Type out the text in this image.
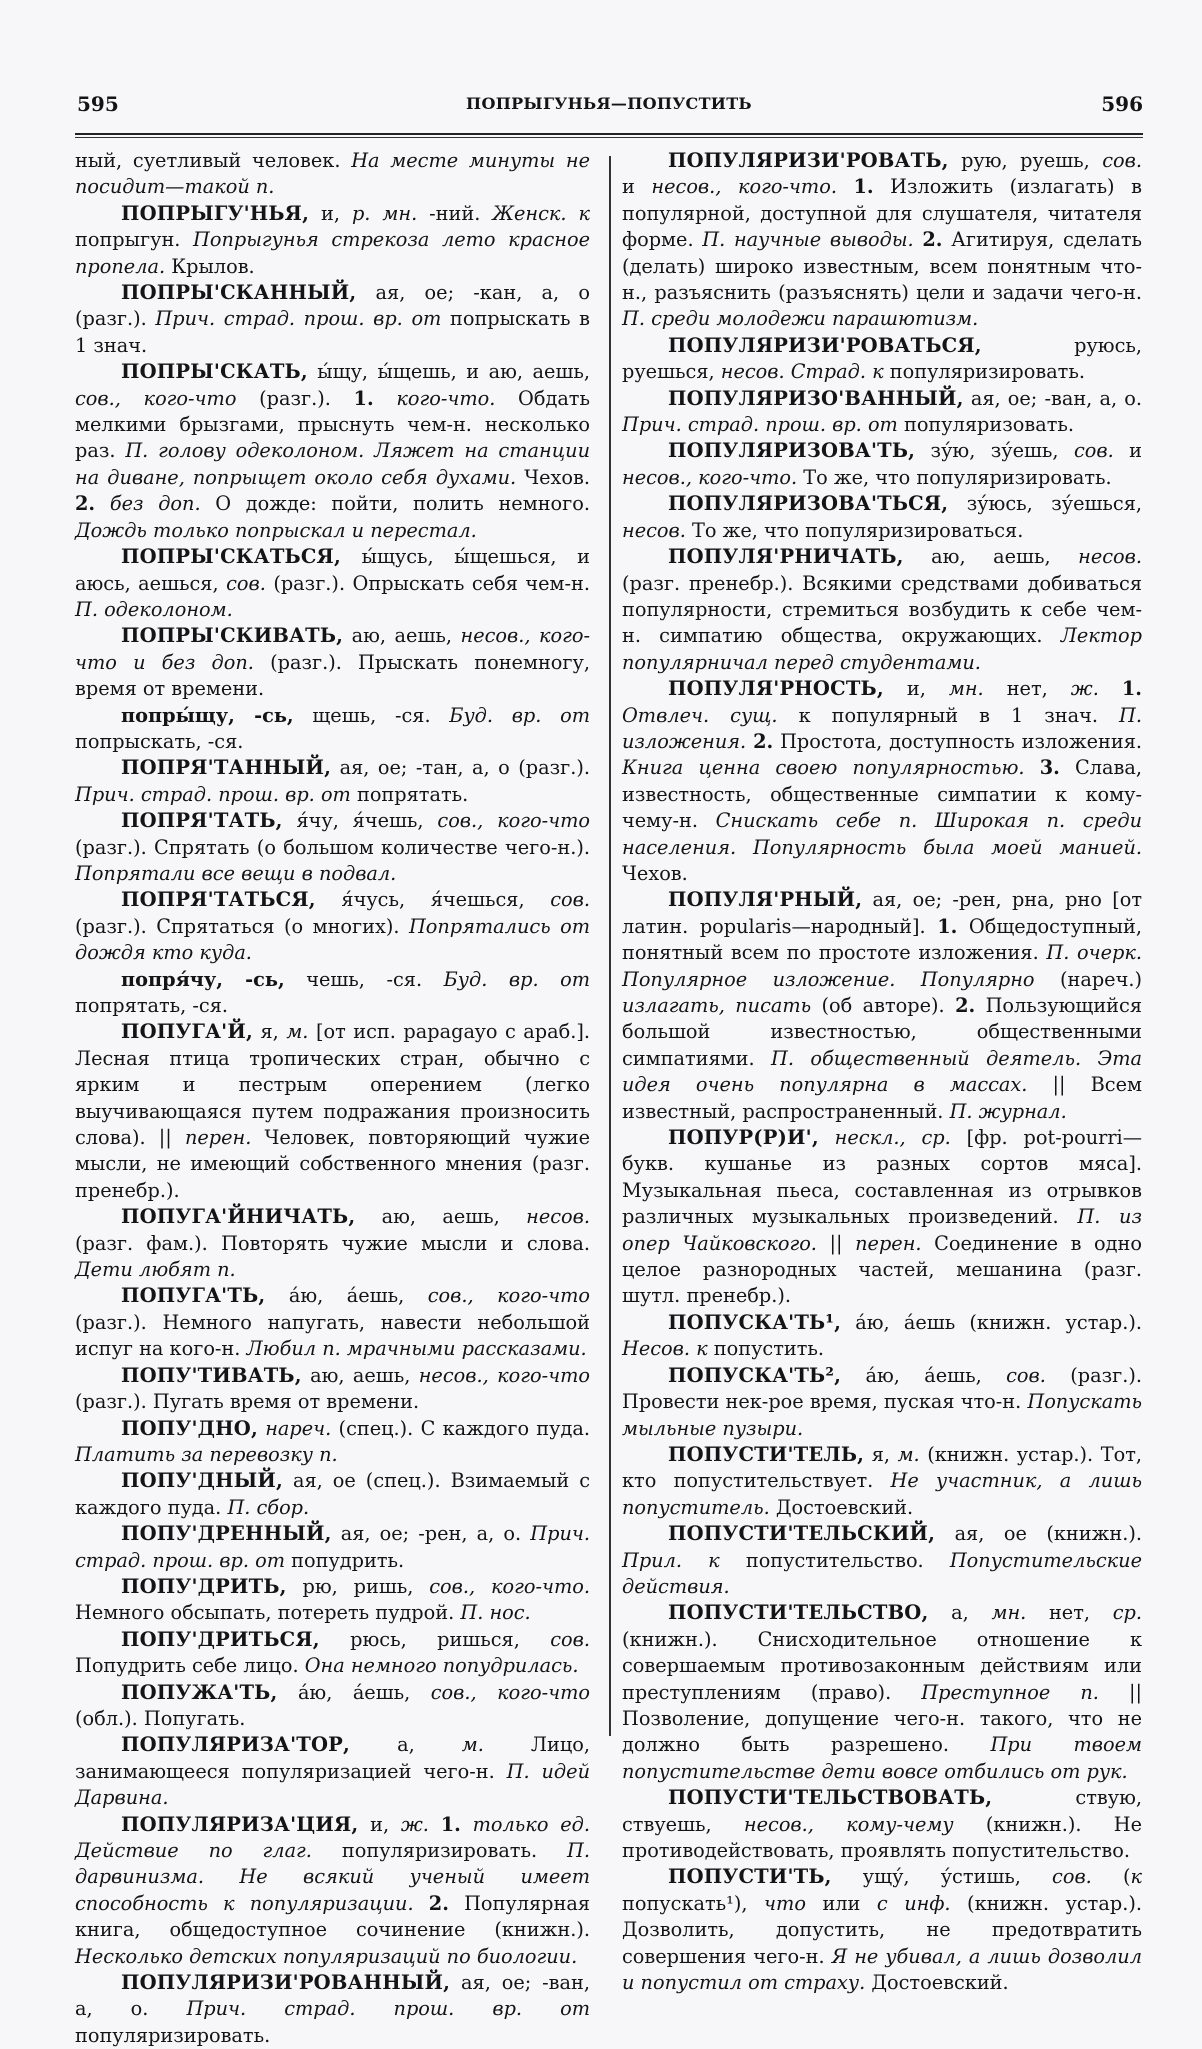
595	ПОПРЫГУНЬЯ—ПОПУСТИТЬ	596

ный, суетливый человек. На месте минуты не посидит—такой п.

ПОПРЫГУ'НЬЯ, и, р. мн. -ний. Женск. к попрыгун. Попрыгунья стрекоза лето красное пропела. Крылов.

ПОПРЫ'СКАННЫЙ, ая, ое; -кан, а, о (разг.). Прич. страд. прош. вр. от попрыскать в 1 знач.

ПОПРЫ'СКАТЬ, ы́щу, ы́щешь, и аю, аешь, сов., кого-что (разг.). 1. кого-что. Обдать мелкими брызгами, прыснуть чем-н. несколько раз. П. голову одеколоном. Ляжет на станции на диване, попрыщет около себя духами. Чехов. 2. без доп. О дожде: пойти, полить немного. Дождь только попрыскал и перестал.

ПОПРЫ'СКАТЬСЯ, ы́щусь, ы́щешься, и аюсь, аешься, сов. (разг.). Опрыскать себя чем-н. П. одеколоном.

ПОПРЫ'СКИВАТЬ, аю, аешь, несов., кого-что и без доп. (разг.). Прыскать понемногу, время от времени.

попры́щу, -сь, щешь, -ся. Буд. вр. от попрыскать, -ся.

ПОПРЯ'ТАННЫЙ, ая, ое; -тан, а, о (разг.). Прич. страд. прош. вр. от попрятать.

ПОПРЯ'ТАТЬ, я́чу, я́чешь, сов., кого-что (разг.). Спрятать (о большом количестве чего-н.). Попрятали все вещи в подвал.

ПОПРЯ'ТАТЬСЯ, я́чусь, я́чешься, сов. (разг.). Спрятаться (о многих). Попрятались от дождя кто куда.

попря́чу, -сь, чешь, -ся. Буд. вр. от попрятать, -ся.

ПОПУГА'Й, я, м. [от исп. papagayo с араб.]. Лесная птица тропических стран, обычно с ярким и пестрым оперением (легко выучивающаяся путем подражания произносить слова). || перен. Человек, повторяющий чужие мысли, не имеющий собственного мнения (разг. пренебр.).

ПОПУГА'ЙНИЧАТЬ, аю, аешь, несов. (разг. фам.). Повторять чужие мысли и слова. Дети любят п.

ПОПУГА'ТЬ, а́ю, а́ешь, сов., кого-что (разг.). Немного напугать, навести небольшой испуг на кого-н. Любил п. мрачными рассказами.

ПОПУ'ТИВАТЬ, аю, аешь, несов., кого-что (разг.). Пугать время от времени.

ПОПУ'ДНО, нареч. (спец.). С каждого пуда. Платить за перевозку п.

ПОПУ'ДНЫЙ, ая, ое (спец.). Взимаемый с каждого пуда. П. сбор.

ПОПУ'ДРЕННЫЙ, ая, ое; -рен, а, о. Прич. страд. прош. вр. от попудрить.

ПОПУ'ДРИТЬ, рю, ришь, сов., кого-что. Немного обсыпать, потереть пудрой. П. нос.

ПОПУ'ДРИТЬСЯ, рюсь, ришься, сов. Попудрить себе лицо. Она немного попудрилась.

ПОПУЖА'ТЬ, а́ю, а́ешь, сов., кого-что (обл.). Попугать.

ПОПУЛЯРИЗА'ТОР, а, м. Лицо, занимающееся популяризацией чего-н. П. идей Дарвина.

ПОПУЛЯРИЗА'ЦИЯ, и, ж. 1. только ед. Действие по глаг. популяризировать. П. дарвинизма. Не всякий ученый имеет способность к популяризации. 2. Популярная книга, общедоступное сочинение (книжн.). Несколько детских популяризаций по биологии.

ПОПУЛЯРИЗИ'РОВАННЫЙ, ая, ое; -ван, а, о. Прич. страд. прош. вр. от популяризировать.

ПОПУЛЯРИЗИ'РОВАТЬ, рую, руешь, сов. и несов., кого-что. 1. Изложить (излагать) в популярной, доступной для слушателя, читателя форме. П. научные выводы. 2. Агитируя, сделать (делать) широко известным, всем понятным что-н., разъяснить (разъяснять) цели и задачи чего-н. П. среди молодежи парашютизм.

ПОПУЛЯРИЗИ'РОВАТЬСЯ, руюсь, руешься, несов. Страд. к популяризировать.

ПОПУЛЯРИЗО'ВАННЫЙ, ая, ое; -ван, а, о. Прич. страд. прош. вр. от популяризовать.

ПОПУЛЯРИЗОВА'ТЬ, зу́ю, зу́ешь, сов. и несов., кого-что. То же, что популяризировать.

ПОПУЛЯРИЗОВА'ТЬСЯ, зу́юсь, зу́ешься, несов. То же, что популяризироваться.

ПОПУЛЯ'РНИЧАТЬ, аю, аешь, несов. (разг. пренебр.). Всякими средствами добиваться популярности, стремиться возбудить к себе чем-н. симпатию общества, окружающих. Лектор популярничал перед студентами.

ПОПУЛЯ'РНОСТЬ, и, мн. нет, ж. 1. Отвлеч. сущ. к популярный в 1 знач. П. изложения. 2. Простота, доступность изложения. Книга ценна своею популярностью. 3. Слава, известность, общественные симпатии к кому-чему-н. Снискать себе п. Широкая п. среди населения. Популярность была моей манией. Чехов.

ПОПУЛЯ'РНЫЙ, ая, ое; -рен, рна, рно [от латин. popularis—народный]. 1. Общедоступный, понятный всем по простоте изложения. П. очерк. Популярное изложение. Популярно (нареч.) излагать, писать (об авторе). 2. Пользующийся большой известностью, общественными симпатиями. П. общественный деятель. Эта идея очень популярна в массах. || Всем известный, распространенный. П. журнал.

ПОПУР(Р)И', нескл., ср. [фр. pot-pourri—букв. кушанье из разных сортов мяса]. Музыкальная пьеса, составленная из отрывков различных музыкальных произведений. П. из опер Чайковского. || перен. Соединение в одно целое разнородных частей, мешанина (разг. шутл. пренебр.).

ПОПУСКА'ТЬ¹, а́ю, а́ешь (книжн. устар.). Несов. к попустить.

ПОПУСКА'ТЬ², а́ю, а́ешь, сов. (разг.). Провести нек-рое время, пуская что-н. Попускать мыльные пузыри.

ПОПУСТИ'ТЕЛЬ, я, м. (книжн. устар.). Тот, кто попустительствует. Не участник, а лишь попуститель. Достоевский.

ПОПУСТИ'ТЕЛЬСКИЙ, ая, ое (книжн.). Прил. к попустительство. Попустительские действия.

ПОПУСТИ'ТЕЛЬСТВО, а, мн. нет, ср. (книжн.). Снисходительное отношение к совершаемым противозаконным действиям или преступлениям (право). Преступное п. || Позволение, допущение чего-н. такого, что не должно быть разрешено. При твоем попустительстве дети вовсе отбились от рук.

ПОПУСТИ'ТЕЛЬСТВОВАТЬ, ствую, ствуешь, несов., кому-чему (книжн.). Не противодействовать, проявлять попустительство.

ПОПУСТИ'ТЬ, ущу́, у́стишь, сов. (к попускать¹), что или с инф. (книжн. устар.). Дозволить, допустить, не предотвратить совершения чего-н. Я не убивал, а лишь дозволил и попустил от страху. Достоевский.
